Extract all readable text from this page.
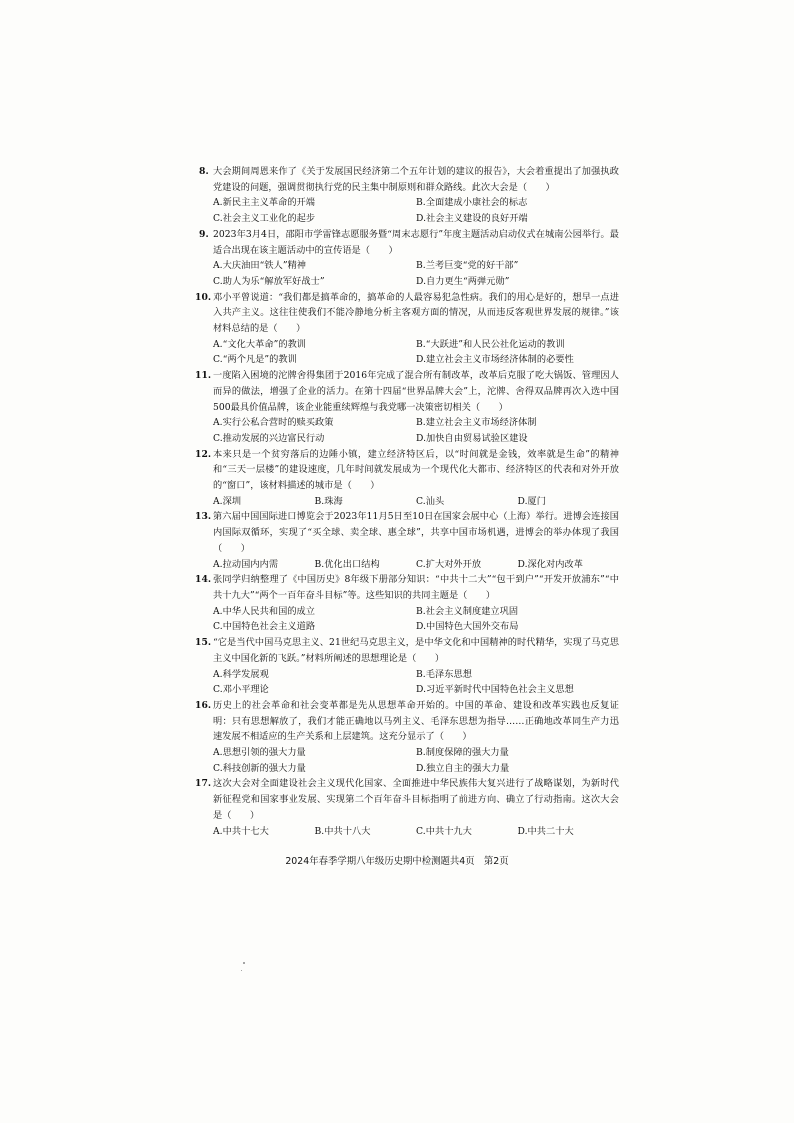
8. 大会期间周恩来作了《关于发展国民经济第二个五年计划的建议的报告》，大会着重提出了加强执政党建设的问题，强调贯彻执行党的民主集中制原则和群众路线。此次大会是（　　）
A.新民主主义革命的开端	B.全面建成小康社会的标志
C.社会主义工业化的起步	D.社会主义建设的良好开端
9. 2023年3月4日，邵阳市学雷锋志愿服务暨“周末志愿行”年度主题活动启动仪式在城南公园举行。最适合出现在该主题活动中的宣传语是（　　）
A.大庆油田“铁人”精神	B.兰考巨变“党的好干部”
C.助人为乐“解放军好战士”	D.自力更生“两弹元勋”
10. 邓小平曾说道：“我们都是搞革命的，搞革命的人最容易犯急性病。我们的用心是好的，想早一点进入共产主义。这往往使我们不能冷静地分析主客观方面的情况，从而违反客观世界发展的规律。”该材料总结的是（　　）
A.“文化大革命”的教训	B.“大跃进”和人民公社化运动的教训
C.“两个凡是”的教训	D.建立社会主义市场经济体制的必要性
11. 一度陷入困境的沱牌舍得集团于2016年完成了混合所有制改革，改革后克服了吃大锅饭、管理因人而异的做法，增强了企业的活力。在第十四届“世界品牌大会”上，沱牌、舍得双品牌再次入选中国500最具价值品牌，该企业能重续辉煌与我党哪一决策密切相关（　　）
A.实行公私合营时的赎买政策	B.建立社会主义市场经济体制
C.推动发展的兴边富民行动	D.加快自由贸易试验区建设
12. 本来只是一个贫穷落后的边陲小镇，建立经济特区后，以“时间就是金钱，效率就是生命”的精神和“三天一层楼”的建设速度，几年时间就发展成为一个现代化大都市、经济特区的代表和对外开放的“窗口”，该材料描述的城市是（　　）
A.深圳	B.珠海	C.汕头	D.厦门
13. 第六届中国国际进口博览会于2023年11月5日至10日在国家会展中心（上海）举行。进博会连接国内国际双循环，实现了“买全球、卖全球、惠全球”，共享中国市场机遇，进博会的举办体现了我国（　　）
A.拉动国内内需	B.优化出口结构	C.扩大对外开放	D.深化对内改革
14. 张同学归纳整理了《中国历史》8年级下册部分知识：“中共十二大”“包干到户”“开发开放浦东”“中共十九大”“两个一百年奋斗目标”等。这些知识的共同主题是（　　）
A.中华人民共和国的成立	B.社会主义制度建立巩固
C.中国特色社会主义道路	D.中国特色大国外交布局
15. “它是当代中国马克思主义、21世纪马克思主义，是中华文化和中国精神的时代精华，实现了马克思主义中国化新的飞跃。”材料所阐述的思想理论是（　　）
A.科学发展观	B.毛泽东思想
C.邓小平理论	D.习近平新时代中国特色社会主义思想
16. 历史上的社会革命和社会变革都是先从思想革命开始的。中国的革命、建设和改革实践也反复证明：只有思想解放了，我们才能正确地以马列主义、毛泽东思想为指导……正确地改革同生产力迅速发展不相适应的生产关系和上层建筑。这充分显示了（　　）
A.思想引领的强大力量	B.制度保障的强大力量
C.科技创新的强大力量	D.独立自主的强大力量
17. 这次大会对全面建设社会主义现代化国家、全面推进中华民族伟大复兴进行了战略谋划，为新时代新征程党和国家事业发展、实现第二个百年奋斗目标指明了前进方向、确立了行动指南。这次大会是（　　）
A.中共十七大	B.中共十八大	C.中共十九大	D.中共二十大
2024年春季学期八年级历史期中检测题共4页　第2页
